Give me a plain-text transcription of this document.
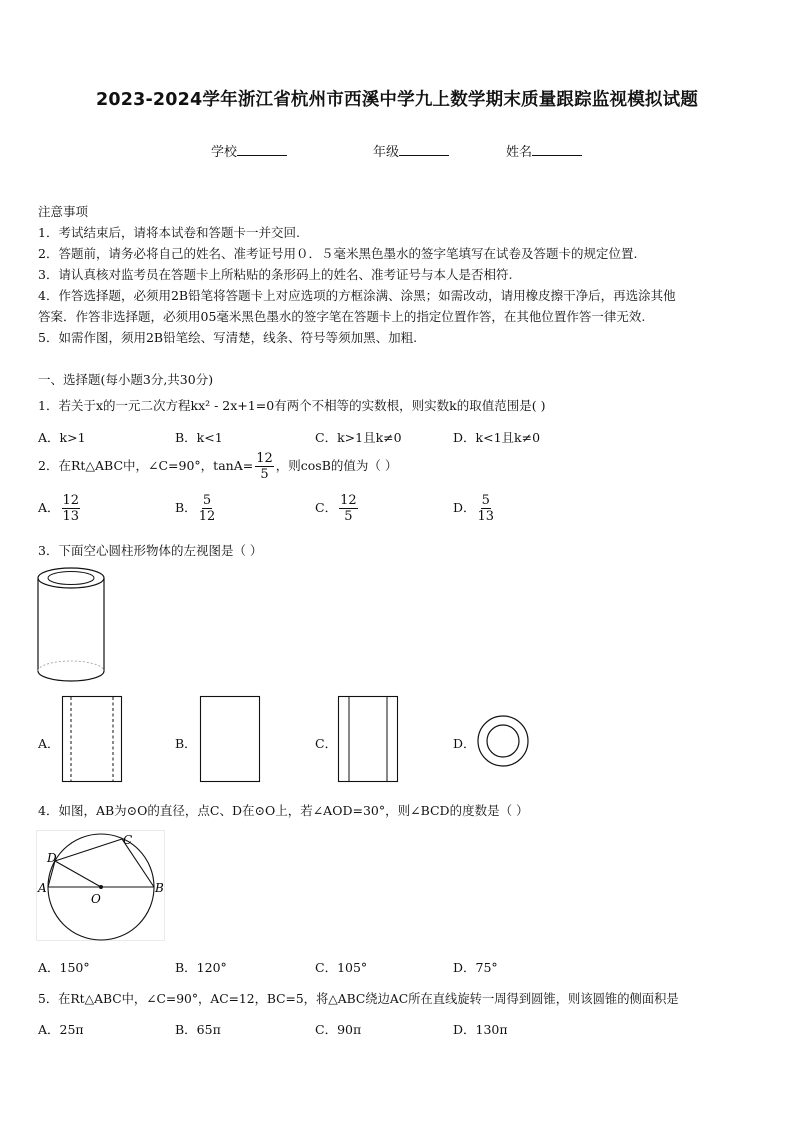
2023-2024学年浙江省杭州市西溪中学九上数学期末质量跟踪监视模拟试题
学校	年级	姓名
注意事项
1．考试结束后，请将本试卷和答题卡一并交回.
2．答题前，请务必将自己的姓名、准考证号用０．５毫米黑色墨水的签字笔填写在试卷及答题卡的规定位置.
3．请认真核对监考员在答题卡上所粘贴的条形码上的姓名、准考证号与本人是否相符.
4．作答选择题，必须用2B铅笔将答题卡上对应选项的方框涂满、涂黑；如需改动，请用橡皮擦干净后，再选涂其他
答案．作答非选择题，必须用05毫米黑色墨水的签字笔在答题卡上的指定位置作答，在其他位置作答一律无效.
5．如需作图，须用2B铅笔绘、写清楚，线条、符号等须加黑、加粗.
一、选择题(每小题3分,共30分)
1．若关于x的一元二次方程kx² - 2x+1=0有两个不相等的实数根，则实数k的取值范围是( )
A．k>1	B．k<1	C．k>1且k≠0	D．k<1且k≠0
2．在Rt△ABC中，∠C=90°，$\tan A= \frac{12}{5}$ ，则cosB的值为（ ）
A． $\frac{12}{13}$	B． $\frac{5}{12}$	C． $\frac{12}{5}$	D． $\frac{5}{13}$
3．下面空心圆柱形物体的左视图是（ ）
A．	B．	C．	D．
4．如图，AB为⊙O的直径，点C、D在⊙O上，若∠AOD=30°，则∠BCD的度数是（ ）
A	B
C
D
O
A．150°	B．120°	C．105°	D．75°
5．在Rt△ABC中，∠C=90°，AC=12，BC=5，将△ABC绕边AC所在直线旋转一周得到圆锥，则该圆锥的侧面积是
A．25π	B．65π	C．90π	D．130π
